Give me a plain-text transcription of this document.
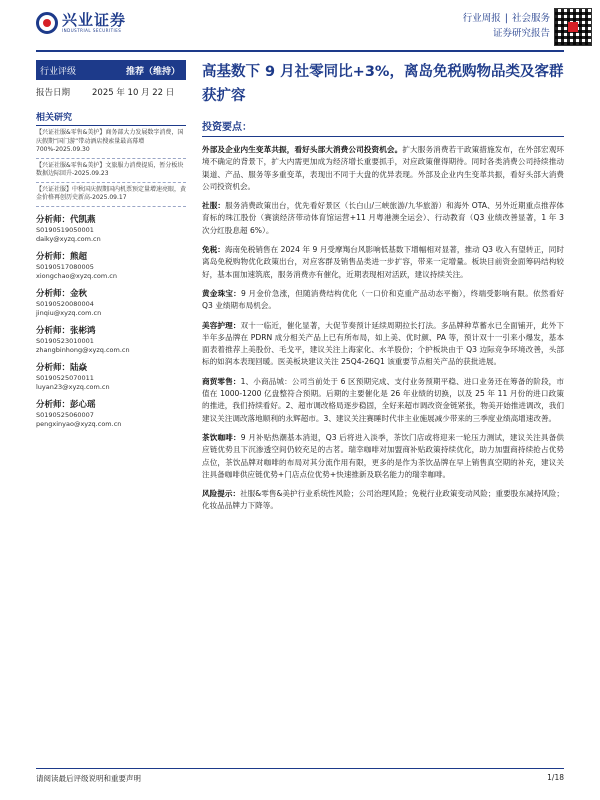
兴业证券
INDUSTRIAL SECURITIES
行业周报 | 社会服务
证券研究报告
行业评级	推荐（维持）
报告日期	2025 年 10 月 22 日
相关研究
【兴证社服&零售&美护】商务部大力发展数字消费，国庆假期“国门游”带动酒店搜索量最高幕增 700%-2025.09.30
【兴证社服&零售&美护】文旅服力消费提质，暂分板块数据边际回升-2025.09.23
【兴证社服】中秋国庆假期国内机票预定量增速亮眼，黄金价格再创历史新高-2025.09.17
分析师：代凯燕
S0190519050001
daiky@xyzq.com.cn
分析师：熊超
S0190517080005
xiongchao@xyzq.com.cn
分析师：金秋
S0190520080004
jinqiu@xyzq.com.cn
分析师：张彬鸿
S0190523010001
zhangbinhong@xyzq.com.cn
分析师：陆焱
S0190525070011
luyan23@xyzq.com.cn
分析师：彭心瑶
S0190525060007
pengxinyao@xyzq.com.cn
高基数下 9 月社零同比+3%，离岛免税购物品类及客群获扩容
投资要点：
外部及企业内生变革共振，看好头部大消费公司投资机会。扩大服务消费若干政策措施发布，在外部宏观环境不确定的背景下，扩大内需更加成为经济增长重要抓手，对应政策催得期待。同时各类消费公司持续推动渠道、产品、服务等多重变革，表现出不同于大盘的优异表现。外部及企业内生变革共振，看好头部大消费公司投资机会。
社服：服务消费政策出台，优先看好景区（长白山/三峡旅游/九华旅游）和海外 OTA、另外近期重点推荐体育标的珠江股份（赛演经济带动体育馆运营+11 月粤港澳全运会）、行动教育（Q3 业绩改善显著，1 年 3 次分红股息超 6%）。
免税：海南免税销售在 2024 年 9 月受摩羯台风影响低基数下增幅相对显著，推动 Q3 收入有望转正，同时离岛免税购物优化政策出台，对应客群及销售品类进一步扩容，带来一定增量。板块目前资金面筹码结构较好，基本面加速筑底，服务消费亦有催化，近期表现相对活跃，建议持续关注。
黄金珠宝：9 月金价急涨，但随消费结构优化（一口价和克重产品动态平衡），终端受影响有限。依然看好 Q3 业绩期布局机会。
美容护理：双十一临近，催化显著，大促节奏预计延续周期拉长打法。多品牌种草蓄水已全面铺开，此外下半年多品牌在 PDRN 成分相关产品上已有所布局，如上美、优时颜、PA 等，预计双十一引来小爆发，基本面表着推荐上美股份、毛戈平，建议关注上海家化、水羊股份；个护板块由于 Q3 边际竞争环境改善，头部标的如润本表现回暖。医美板块建议关注 25Q4-26Q1 该重要节点相关产品的获批进展。
商贸零售：1、小商品城：公司当前处于 6 区预期完成、支付业务预期平稳、进口业务还在筹备的阶段，市值在 1000-1200 亿盘整符合预期。后期的主要催化是 26 年业绩的切换，以及 25 年 11 月份的进口政策的推进，我们持续看好。2、超市调改格局逐步稳固，全好来超市调改资金链紧张，物美开始推进调改，我们建议关注调改落地顺利的永辉超市。3、建议关注赛睡时代非主业施展减少带来的三季度业绩高增速改善。
茶饮咖啡：9 月补贴热潮基本消退，Q3 后将进入淡季，茶饮门店或将迎来一轮压力测试，建议关注具备供应链优势且下沉渗透空间仍较充足的古茗。瑞幸咖啡对加盟商补贴政策持续优化，助力加盟商持续抢占优势点位，茶饮品牌对咖啡的布局对其分流作用有限，更多的是作为茶饮品牌在早上销售真空期的补充，建议关注具备咖啡供应链优势+门店点位优势+快速推新及联名能力的瑞幸咖啡。
风险提示：社服&零售&美护行业系统性风险；公司治理风险；免税行业政策变动风险；重要股东减持风险；化妆品品牌力下降等。
请阅读最后评级说明和重要声明	1/18
